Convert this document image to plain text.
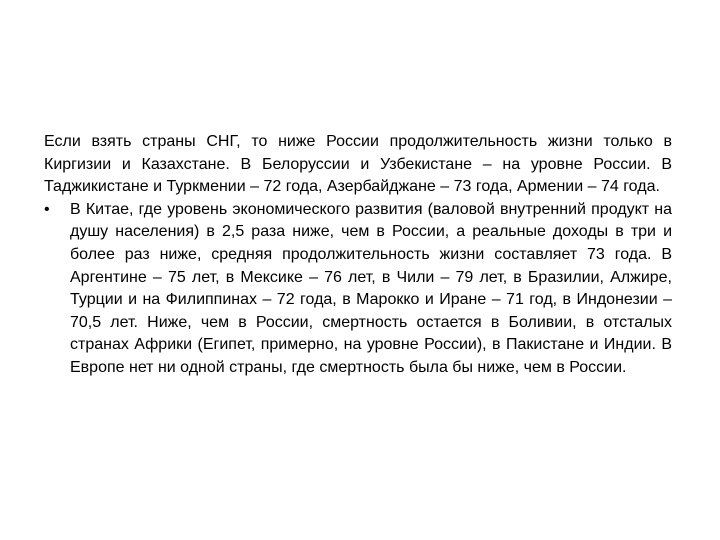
Если взять страны СНГ, то ниже России продолжительность жизни только в Киргизии и Казахстане. В Белоруссии и Узбекистане – на уровне России. В Таджикистане и Туркмении – 72 года, Азербайджане – 73 года, Армении – 74 года.

•	В Китае, где уровень экономического развития (валовой внутренний продукт на душу населения) в 2,5 раза ниже, чем в России, а реальные доходы в три и более раз ниже, средняя продолжительность жизни составляет 73 года. В Аргентине – 75 лет, в Мексике – 76 лет, в Чили – 79 лет, в Бразилии, Алжире, Турции и на Филиппинах – 72 года, в Марокко и Иране – 71 год, в Индонезии – 70,5 лет. Ниже, чем в России, смертность остается в Боливии, в отсталых странах Африки (Египет, примерно, на уровне России), в Пакистане и Индии. В Европе нет ни одной страны, где смертность была бы ниже, чем в России.
